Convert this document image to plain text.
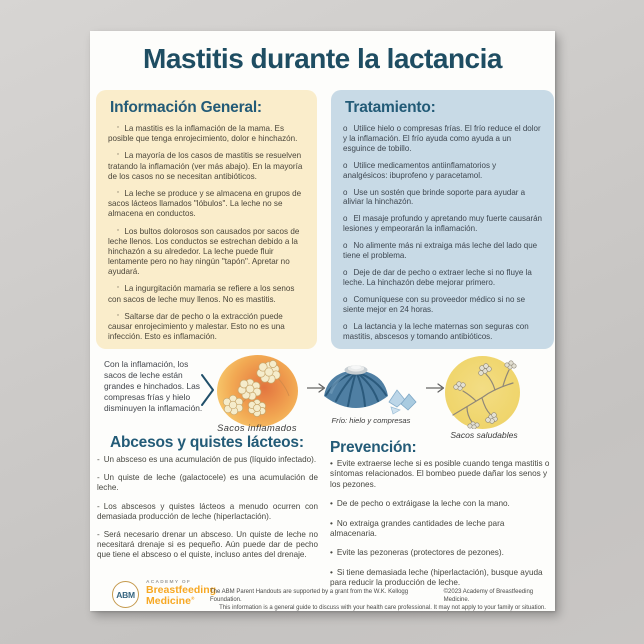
Mastitis durante la lactancia
Información General:

◦ La mastitis es la inflamación de la mama. Es posible que tenga enrojecimiento, dolor e hinchazón.

◦ La mayoría de los casos de mastitis se resuelven tratando la inflamación (ver más abajo). En la mayoría de los casos no se necesitan antibióticos.

◦ La leche se produce y se almacena en grupos de sacos lácteos llamados "lóbulos". La leche no se almacena en conductos.

◦ Los bultos dolorosos son causados por sacos de leche llenos. Los conductos se estrechan debido a la hinchazón a su alrededor. La leche puede fluir lentamente pero no hay ningún "tapón". Apretar no ayudará.

◦ La ingurgitación mamaria se refiere a los senos con sacos de leche muy llenos. No es mastitis.

◦ Saltarse dar de pecho o la extracción puede causar enrojecimiento y malestar. Esto no es una infección. Esto es inflamación.

Tratamiento:

o Utilice hielo o compresas frías. El frío reduce el dolor y la inflamación. El frío ayuda como ayuda a un esguince de tobillo.

o Utilice medicamentos antiinflamatorios y analgésicos: ibuprofeno y paracetamol.

o Use un sostén que brinde soporte para ayudar a aliviar la hinchazón.

o El masaje profundo y apretando muy fuerte causarán lesiones y empeorarán la inflamación.

o No alimente más ni extraiga más leche del lado que tiene el problema.

o Deje de dar de pecho o extraer leche si no fluye la leche. La hinchazón debe mejorar primero.

o Comuníquese con su proveedor médico si no se siente mejor en 24 horas.

o La lactancia y la leche maternas son seguras con mastitis, abscesos y tomando antibióticos.

Con la inflamación, los sacos de leche están grandes e hinchados. Las compresas frías y hielo disminuyen la inflamación.
Sacos inflamados
Frío: hielo y compresas
Sacos saludables
Abcesos y quistes lácteos:

- Un absceso es una acumulación de pus (líquido infectado).

- Un quiste de leche (galactocele) es una acumulación de leche.

- Los abscesos y quistes lácteos a menudo ocurren con demasiada producción de leche (hiperlactación).

- Será necesario drenar un absceso. Un quiste de leche no necesitará drenaje si es pequeño. Aún puede dar de pecho que tiene el absceso o el quiste, incluso antes del drenaje.

Prevención:

• Evite extraerse leche si es posible cuando tenga mastitis o síntomas relacionados. El bombeo puede dañar los senos y los pezones.

• De de pecho o extráigase la leche con la mano.

• No extraiga grandes cantidades de leche para almacenaria.

• Evite las pezoneras (protectores de pezones).

• Si tiene demasiada leche (hiperlactación), busque ayuda para reducir la producción de leche.

ABM
ACADEMY OF
Breastfeeding
Medicine®
The ABM Parent Handouts are supported by a grant from the W.K. Kellogg Foundation.
©2023 Academy of Breastfeeding Medicine.
This information is a general guide to discuss with your health care professional. It may not apply to your family or situation.
